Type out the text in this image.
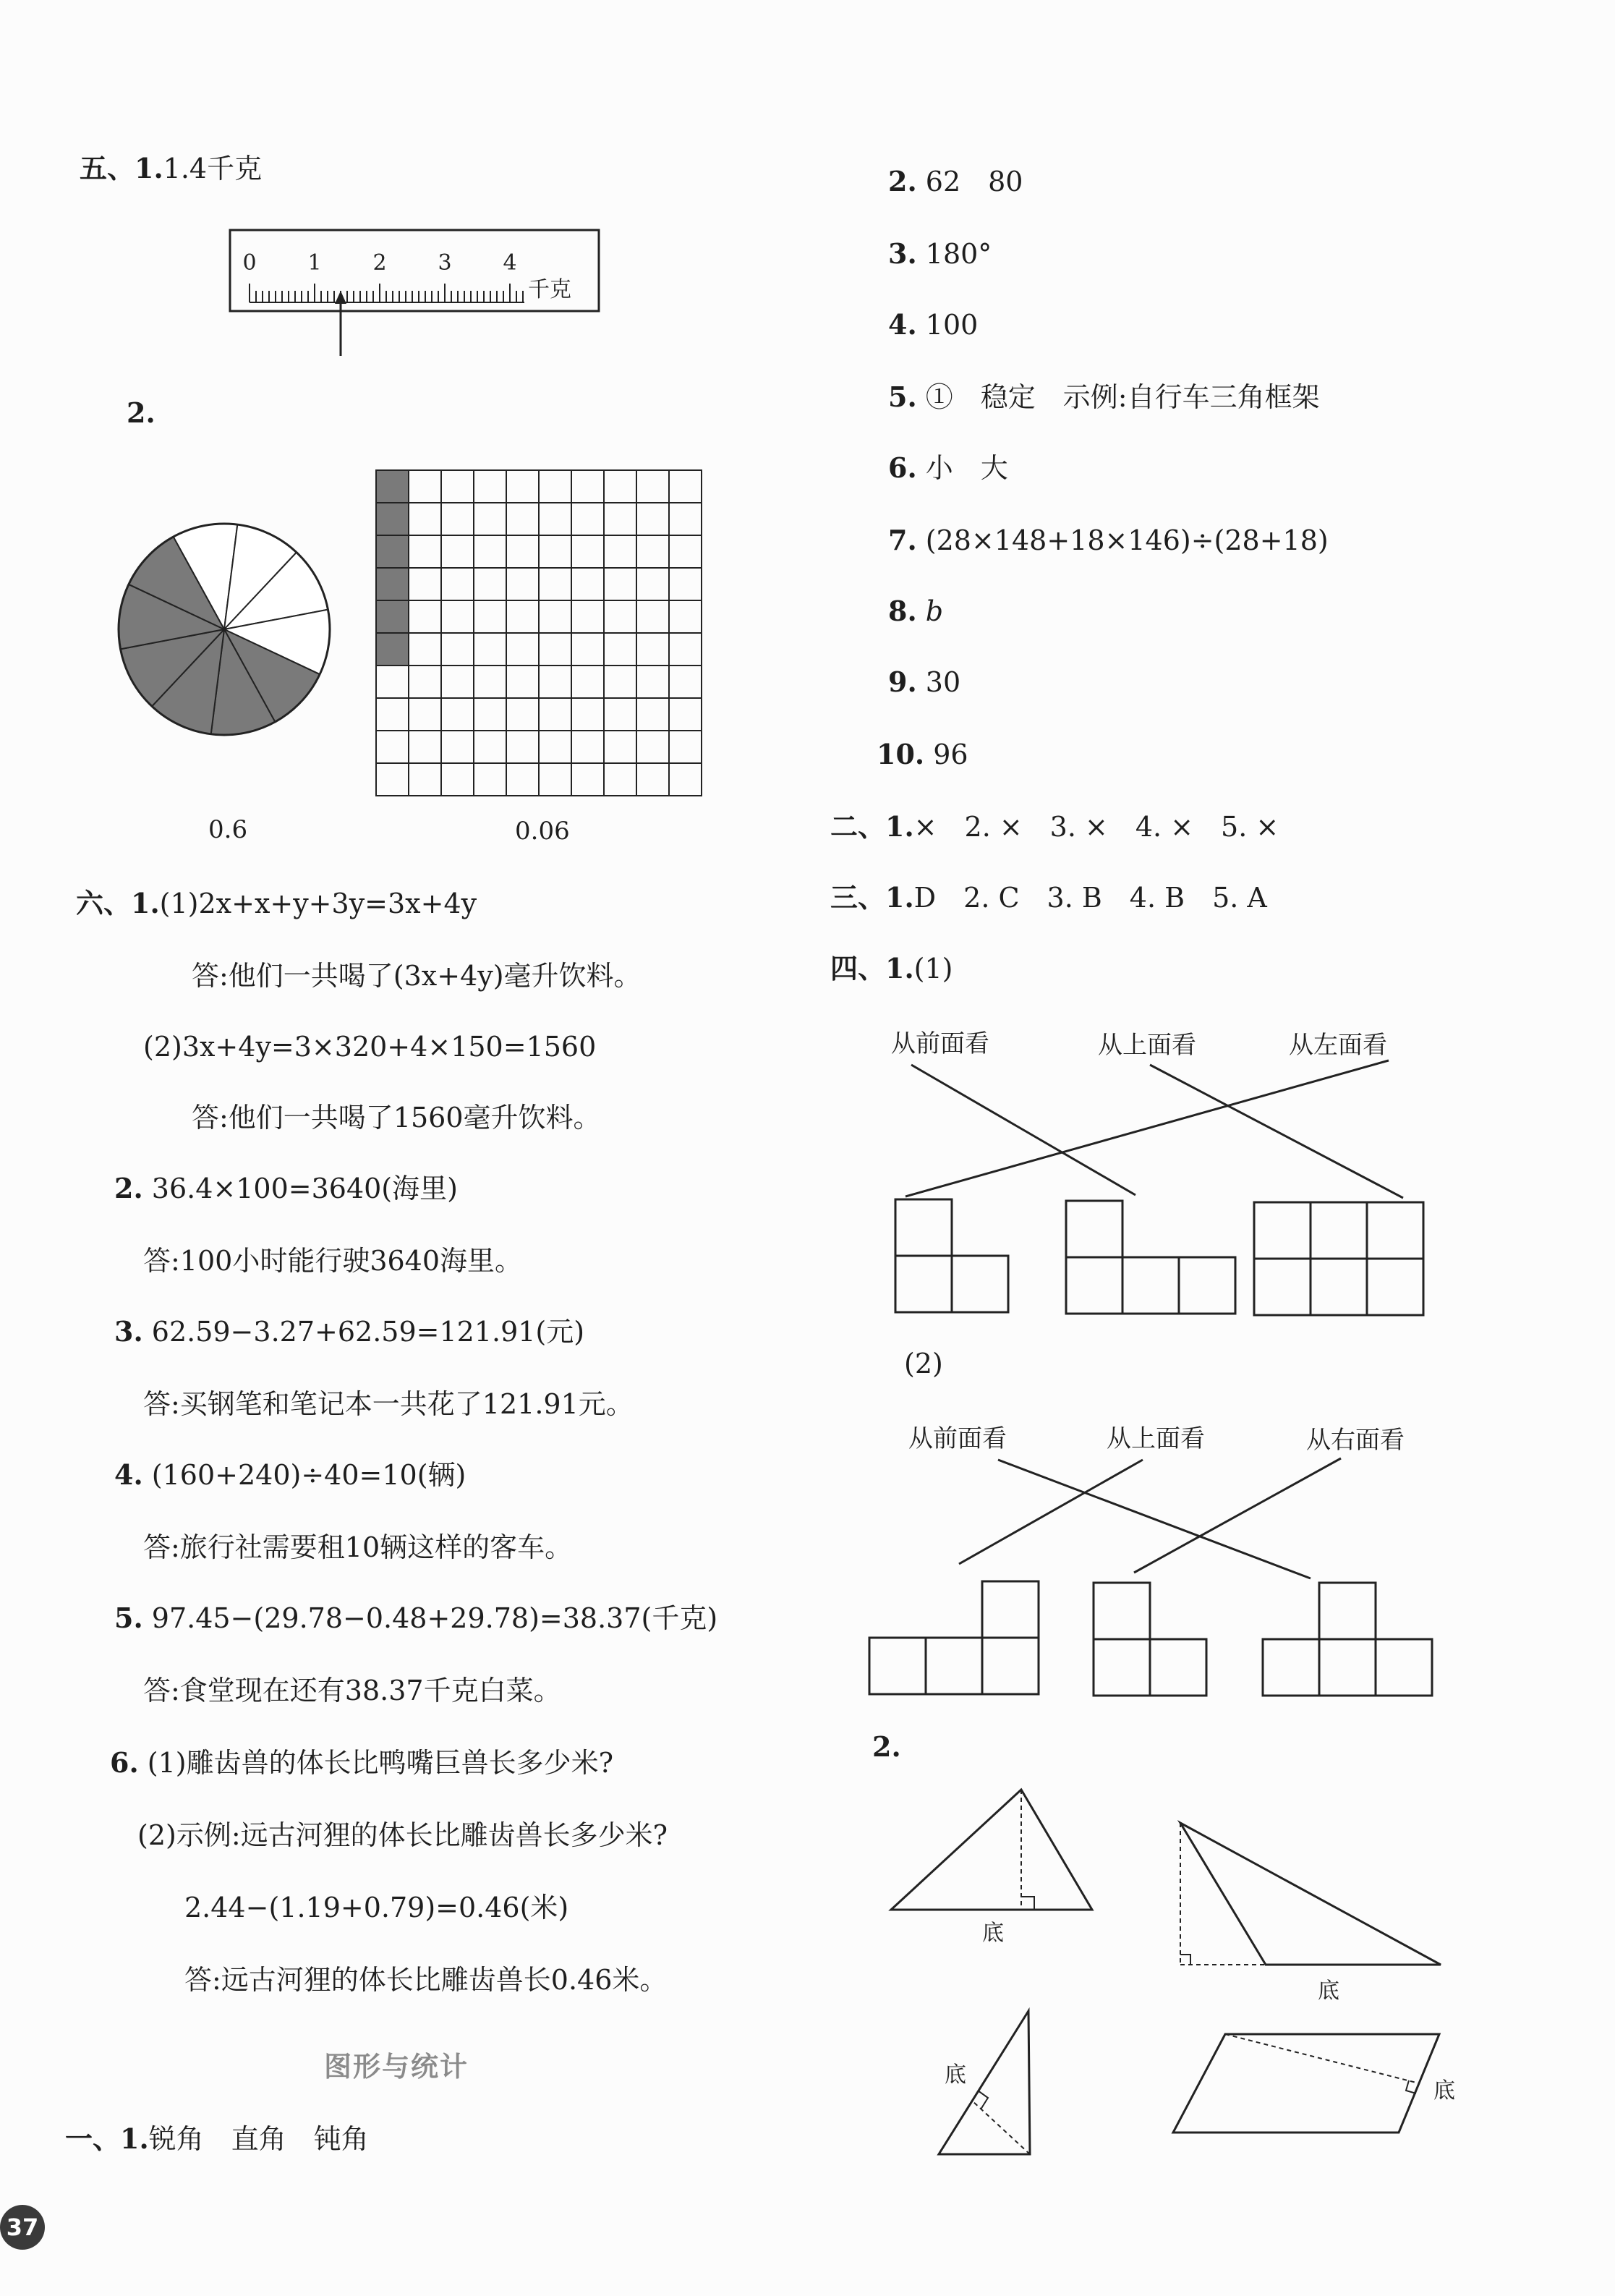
五、1.1.4千克
0 1 2 3 4
千克
2.
0.6	0.06
六、1.(1)2x+x+y+3y=3x+4y
答:他们一共喝了(3x+4y)毫升饮料。
(2)3x+4y=3×320+4×150=1560
答:他们一共喝了1560毫升饮料。
2. 36.4×100=3640(海里)
答:100小时能行驶3640海里。
3. 62.59−3.27+62.59=121.91(元)
答:买钢笔和笔记本一共花了121.91元。
4. (160+240)÷40=10(辆)
答:旅行社需要租10辆这样的客车。
5. 97.45−(29.78−0.48+29.78)=38.37(千克)
答:食堂现在还有38.37千克白菜。
6. (1)雕齿兽的体长比鸭嘴巨兽长多少米?
(2)示例:远古河狸的体长比雕齿兽长多少米?
2.44−(1.19+0.79)=0.46(米)
答:远古河狸的体长比雕齿兽长0.46米。
图形与统计
一、1.锐角　直角　钝角
37
2. 62　80
3. 180°
4. 100
5. ①　稳定　示例:自行车三角框架
6. 小　大
7. (28×148+18×146)÷(28+18)
8. b
9. 30
10. 96
二、1.×　2. ×　3. ×　4. ×　5. ×
三、1.D　2. C　3. B　4. B　5. A
四、1.(1)
从前面看	从上面看	从左面看
(2)
从前面看	从上面看	从右面看
2.
底
底
底
底
